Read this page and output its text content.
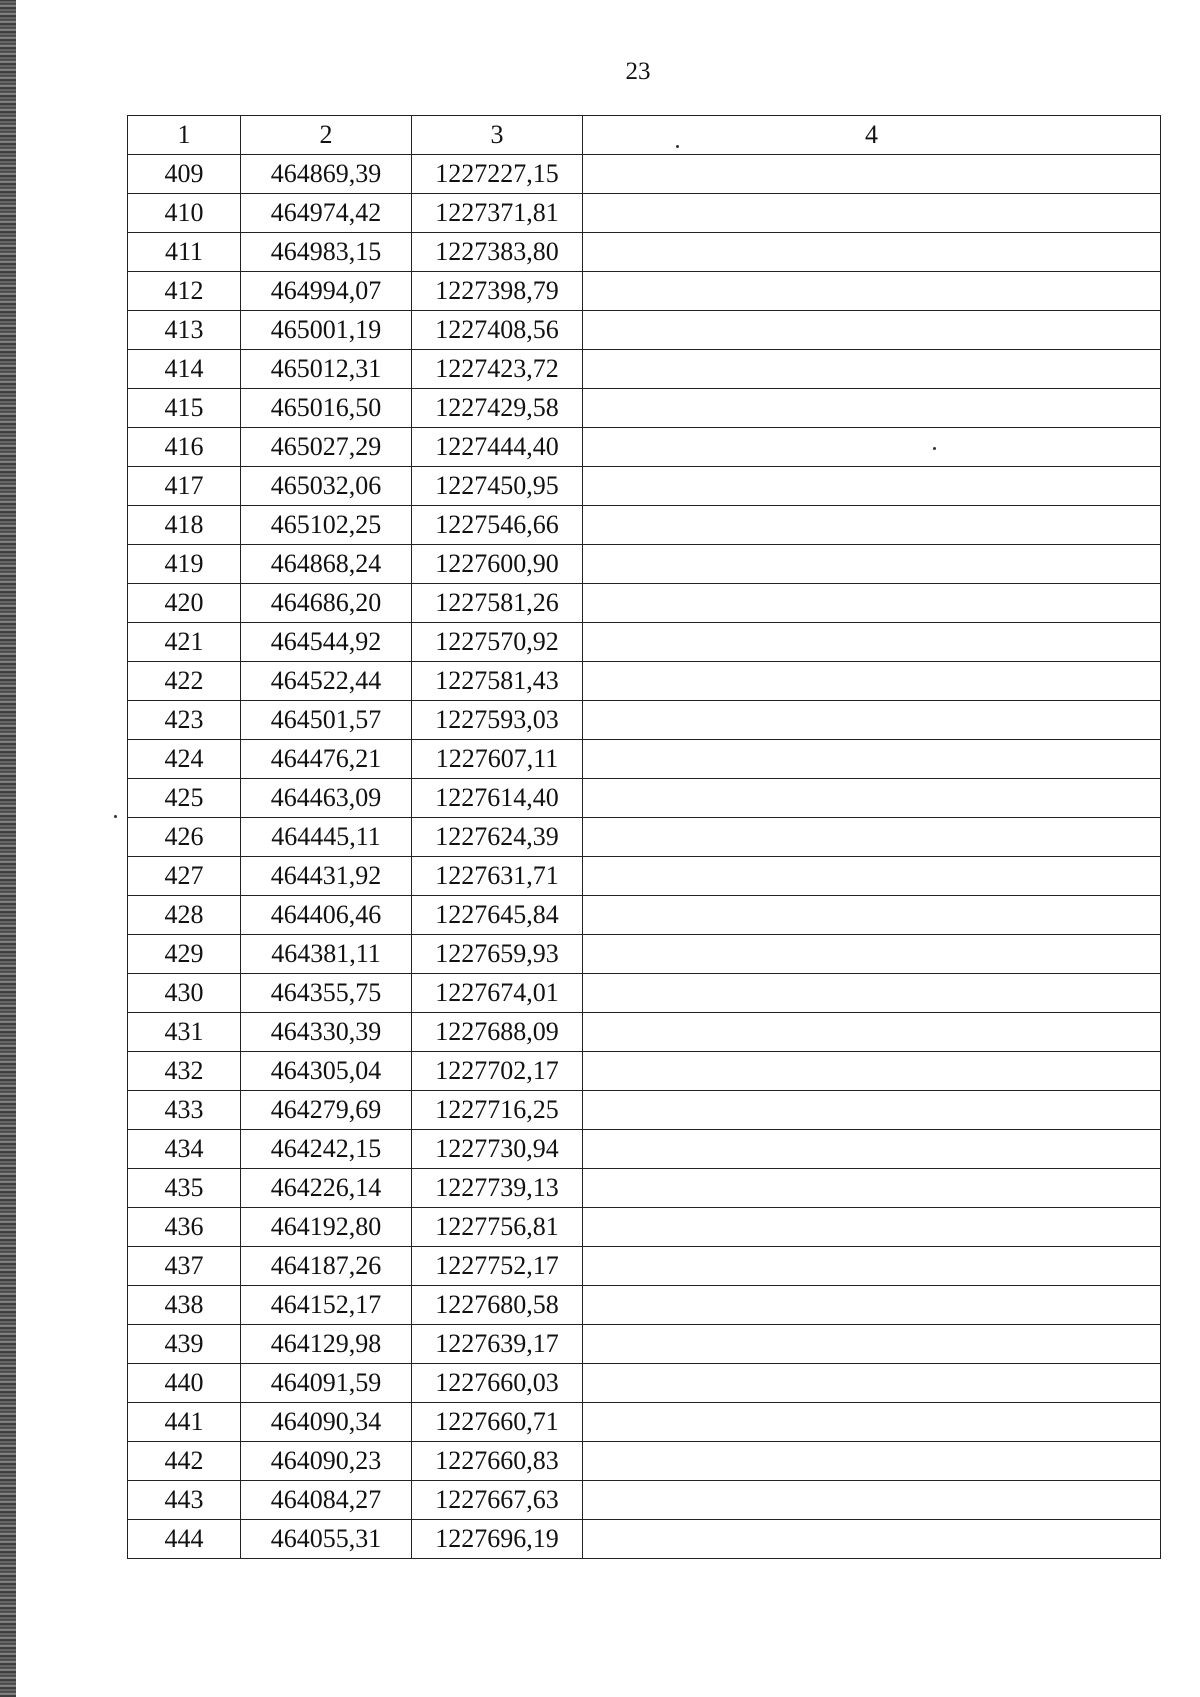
23
1	2	3	4
409	464869,39	1227227,15	
410	464974,42	1227371,81	
411	464983,15	1227383,80	
412	464994,07	1227398,79	
413	465001,19	1227408,56	
414	465012,31	1227423,72	
415	465016,50	1227429,58	
416	465027,29	1227444,40	
417	465032,06	1227450,95	
418	465102,25	1227546,66	
419	464868,24	1227600,90	
420	464686,20	1227581,26	
421	464544,92	1227570,92	
422	464522,44	1227581,43	
423	464501,57	1227593,03	
424	464476,21	1227607,11	
425	464463,09	1227614,40	
426	464445,11	1227624,39	
427	464431,92	1227631,71	
428	464406,46	1227645,84	
429	464381,11	1227659,93	
430	464355,75	1227674,01	
431	464330,39	1227688,09	
432	464305,04	1227702,17	
433	464279,69	1227716,25	
434	464242,15	1227730,94	
435	464226,14	1227739,13	
436	464192,80	1227756,81	
437	464187,26	1227752,17	
438	464152,17	1227680,58	
439	464129,98	1227639,17	
440	464091,59	1227660,03	
441	464090,34	1227660,71	
442	464090,23	1227660,83	
443	464084,27	1227667,63	
444	464055,31	1227696,19	
